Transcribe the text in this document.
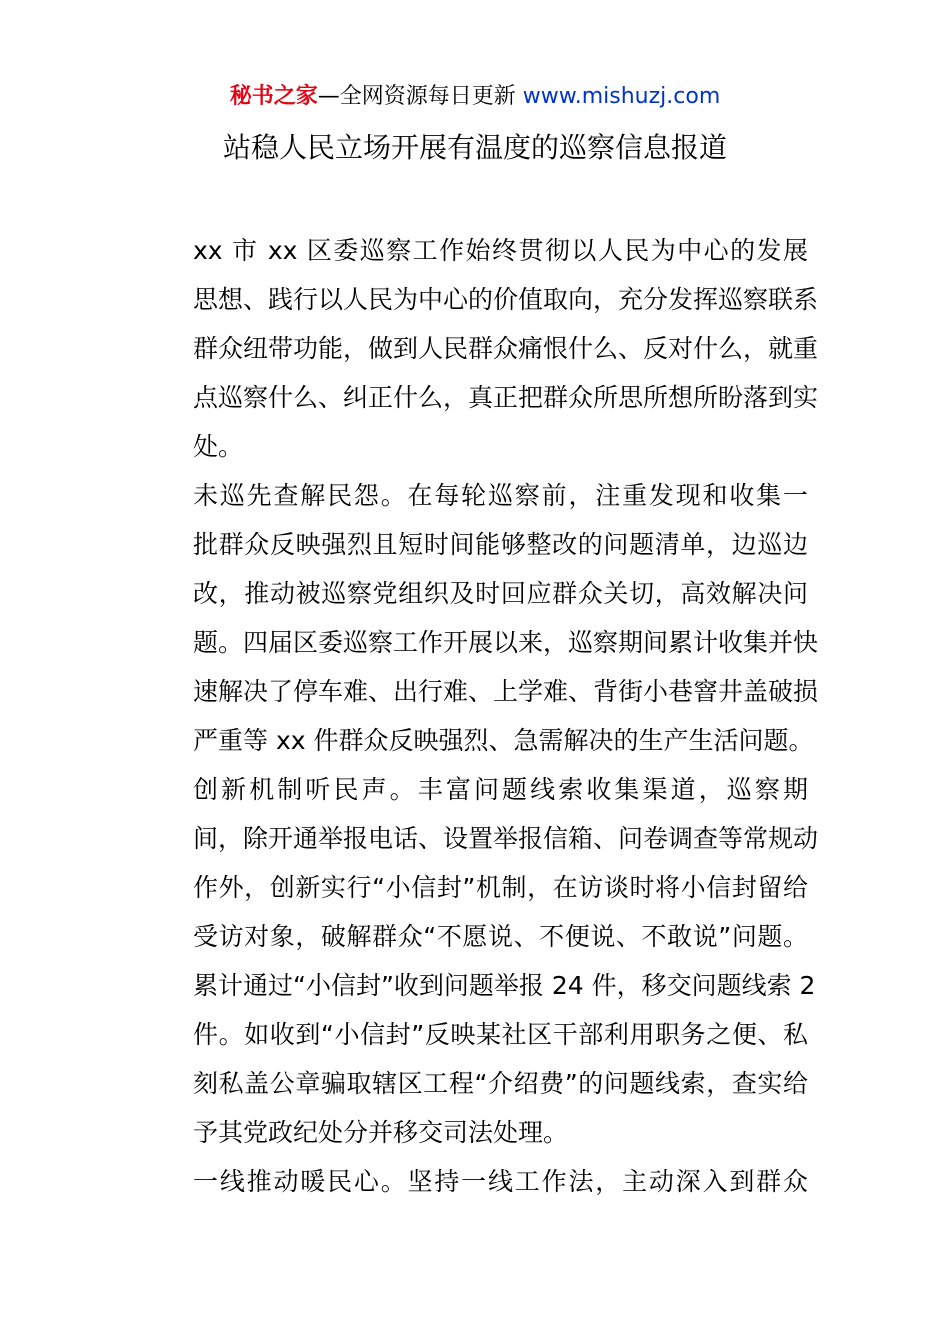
秘书之家—全网资源每日更新 www.mishuzj.com
站稳人民立场开展有温度的巡察信息报道

xx 市 xx 区委巡察工作始终贯彻以人民为中心的发展
思想、践行以人民为中心的价值取向，充分发挥巡察联系
群众纽带功能，做到人民群众痛恨什么、反对什么，就重
点巡察什么、纠正什么，真正把群众所思所想所盼落到实
处。

未巡先查解民怨。在每轮巡察前，注重发现和收集一
批群众反映强烈且短时间能够整改的问题清单，边巡边
改，推动被巡察党组织及时回应群众关切，高效解决问
题。四届区委巡察工作开展以来，巡察期间累计收集并快
速解决了停车难、出行难、上学难、背街小巷窨井盖破损
严重等 xx 件群众反映强烈、急需解决的生产生活问题。

创新机制听民声。丰富问题线索收集渠道，巡察期
间，除开通举报电话、设置举报信箱、问卷调查等常规动
作外，创新实行“小信封”机制，在访谈时将小信封留给
受访对象，破解群众“不愿说、不便说、不敢说”问题。
累计通过“小信封”收到问题举报 24 件，移交问题线索 2
件。如收到“小信封”反映某社区干部利用职务之便、私
刻私盖公章骗取辖区工程“介绍费”的问题线索，查实给
予其党政纪处分并移交司法处理。

一线推动暖民心。坚持一线工作法，主动深入到群众
